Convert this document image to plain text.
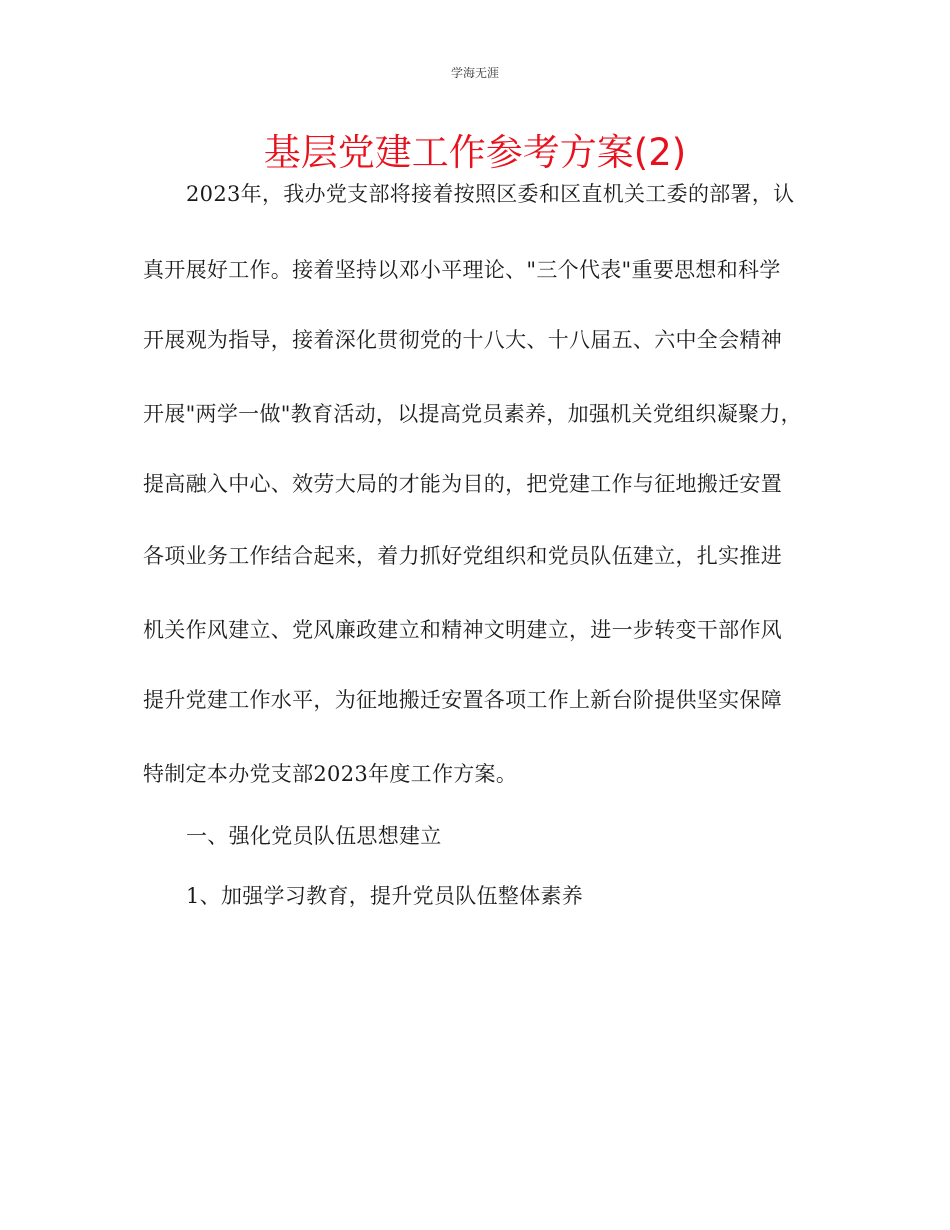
学海无涯
基层党建工作参考方案(2)
2023年，我办党支部将接着按照区委和区直机关工委的部署，认
真开展好工作。接着坚持以邓小平理论、"三个代表"重要思想和科学
开展观为指导，接着深化贯彻党的十八大、十八届五、六中全会精神
开展"两学一做"教育活动，以提高党员素养，加强机关党组织凝聚力，
提高融入中心、效劳大局的才能为目的，把党建工作与征地搬迁安置
各项业务工作结合起来，着力抓好党组织和党员队伍建立，扎实推进
机关作风建立、党风廉政建立和精神文明建立，进一步转变干部作风
提升党建工作水平，为征地搬迁安置各项工作上新台阶提供坚实保障
特制定本办党支部2023年度工作方案。
一、强化党员队伍思想建立
1、加强学习教育，提升党员队伍整体素养
